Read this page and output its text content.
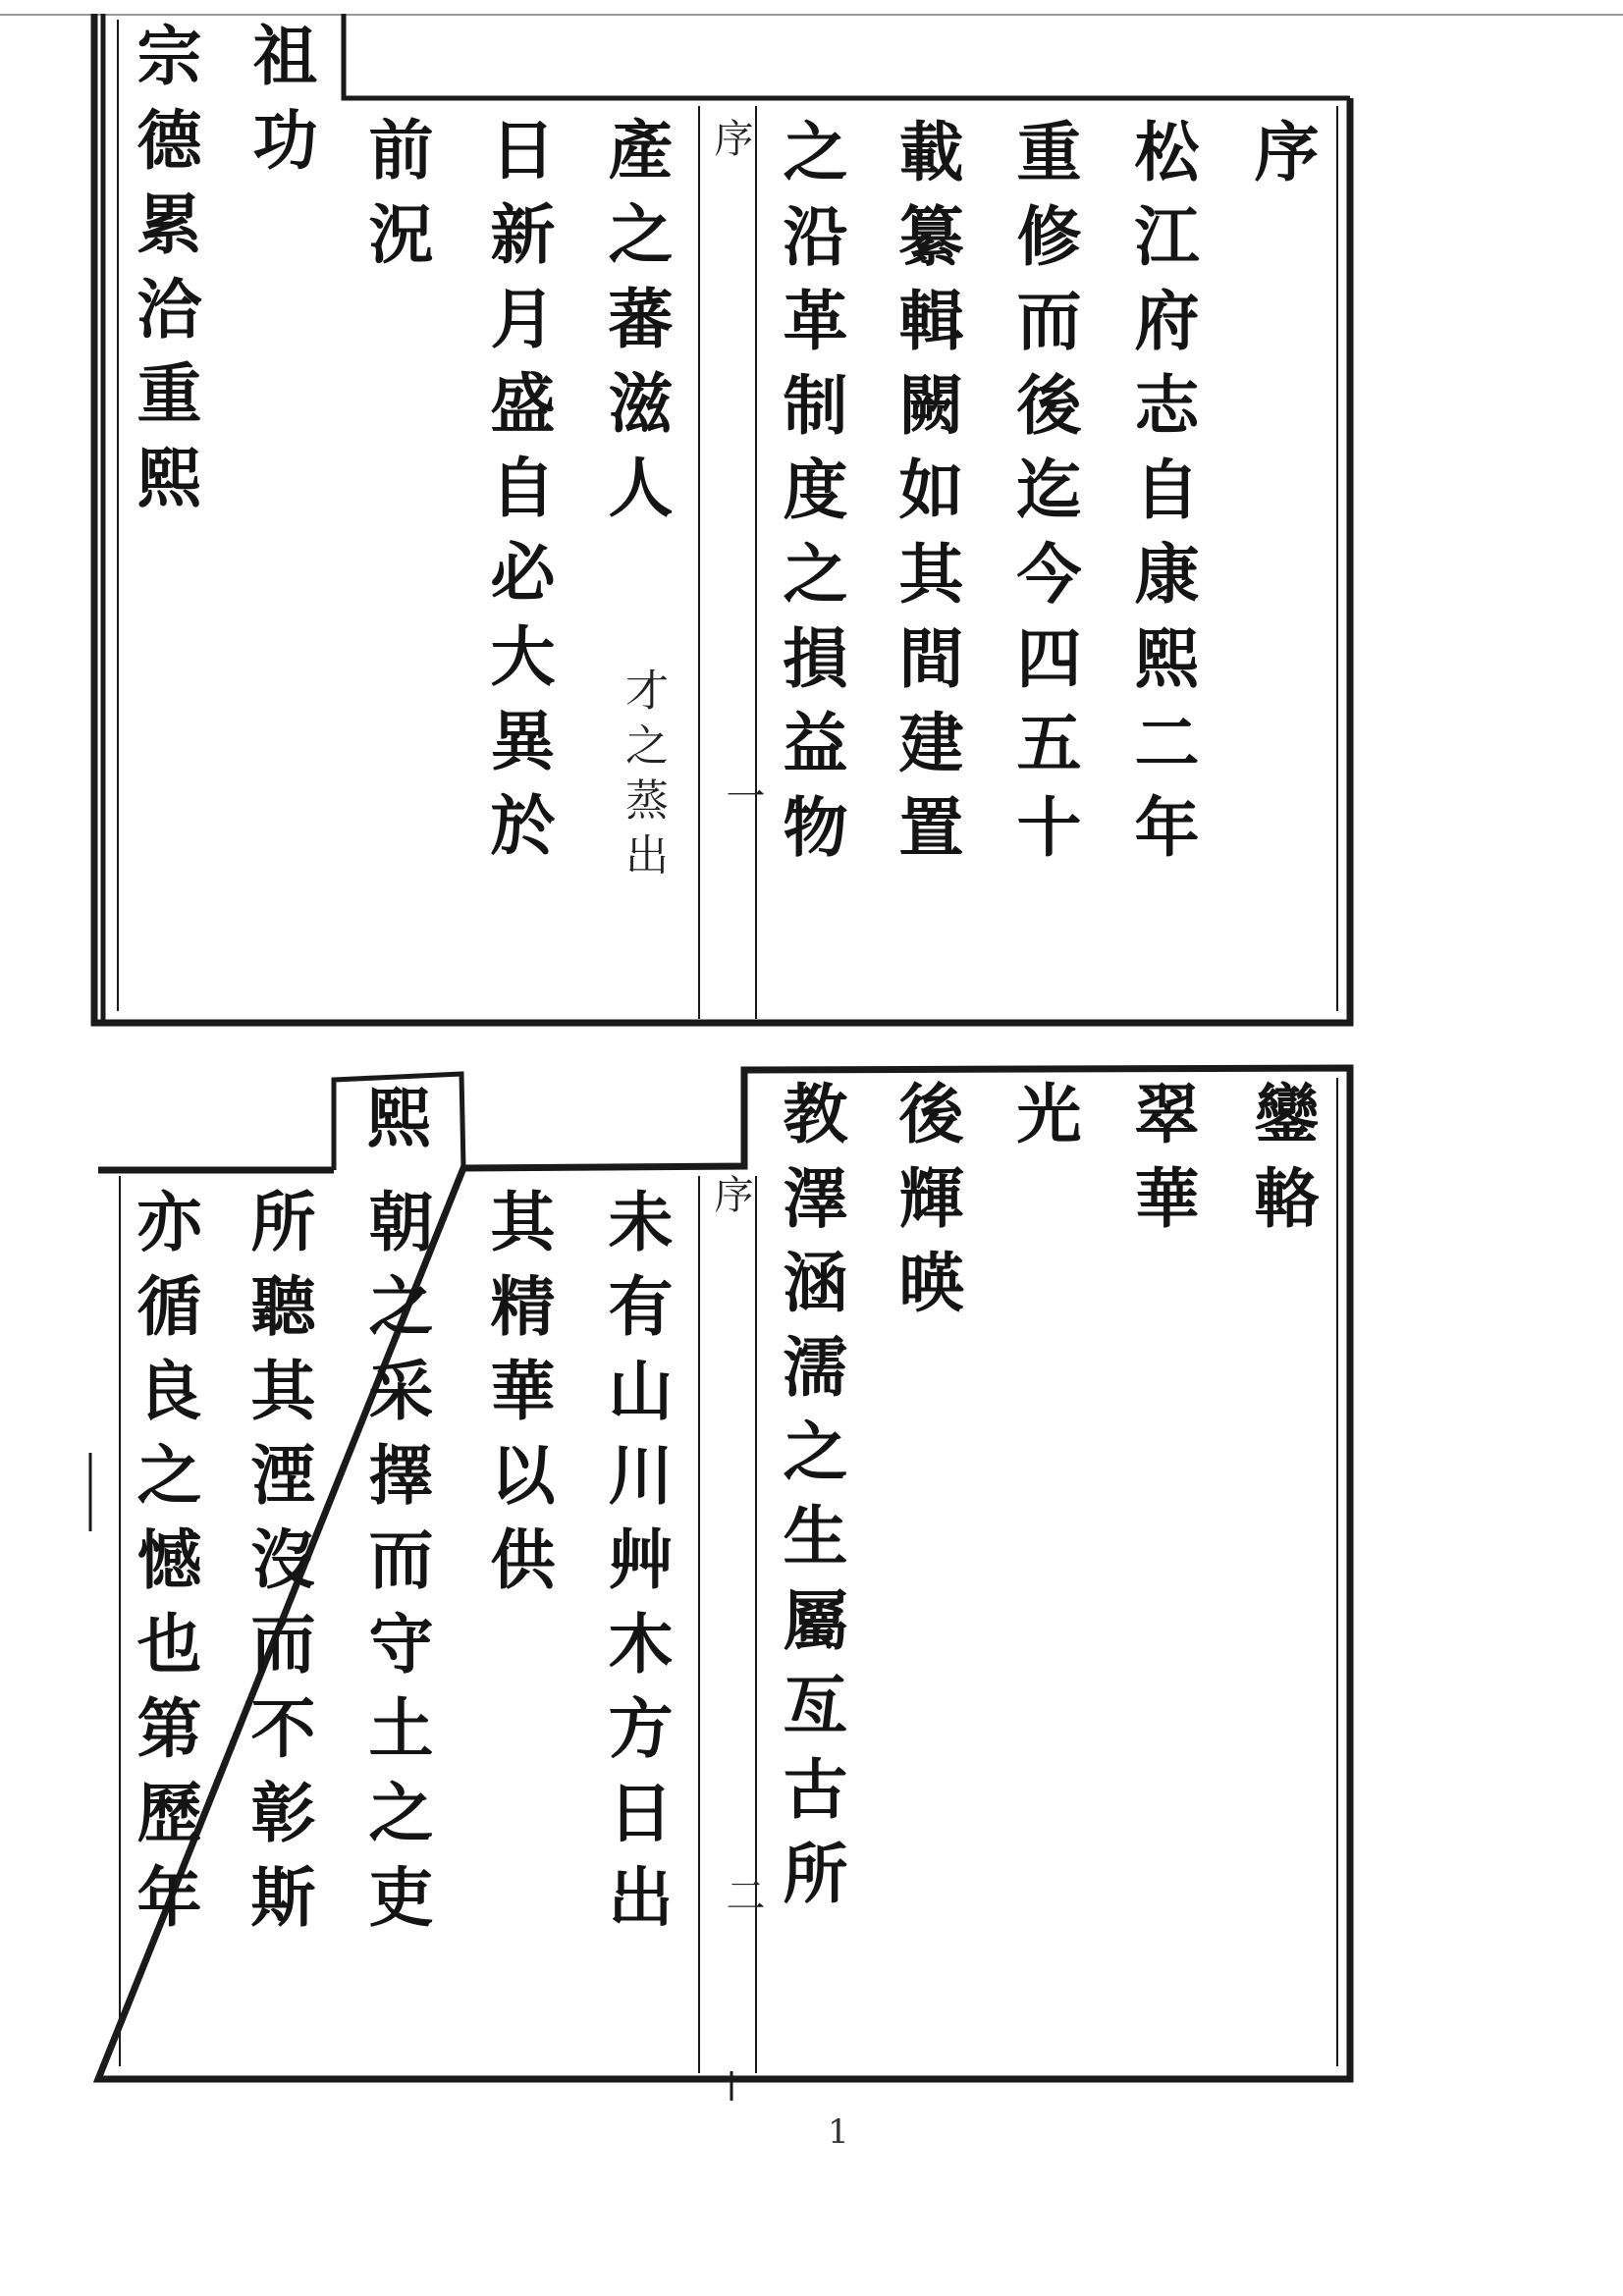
宗德累洽重熙 祖功
前況 日新月盛自必大異於 產之蕃滋人
才之蒸出
序
一
序
松江府志自康熙二年
重修而後迄今四五十
載纂輯闕如其間建置
之沿革制度之損益物
熙	鑾輅
翠華
光
後輝暎
教澤涵濡之生屬亙古所
序
二
未有山川艸木方日出
其精華以供
朝之采擇而守土之吏
所聽其湮沒而不彰斯
亦循良之憾也第歷年
1
